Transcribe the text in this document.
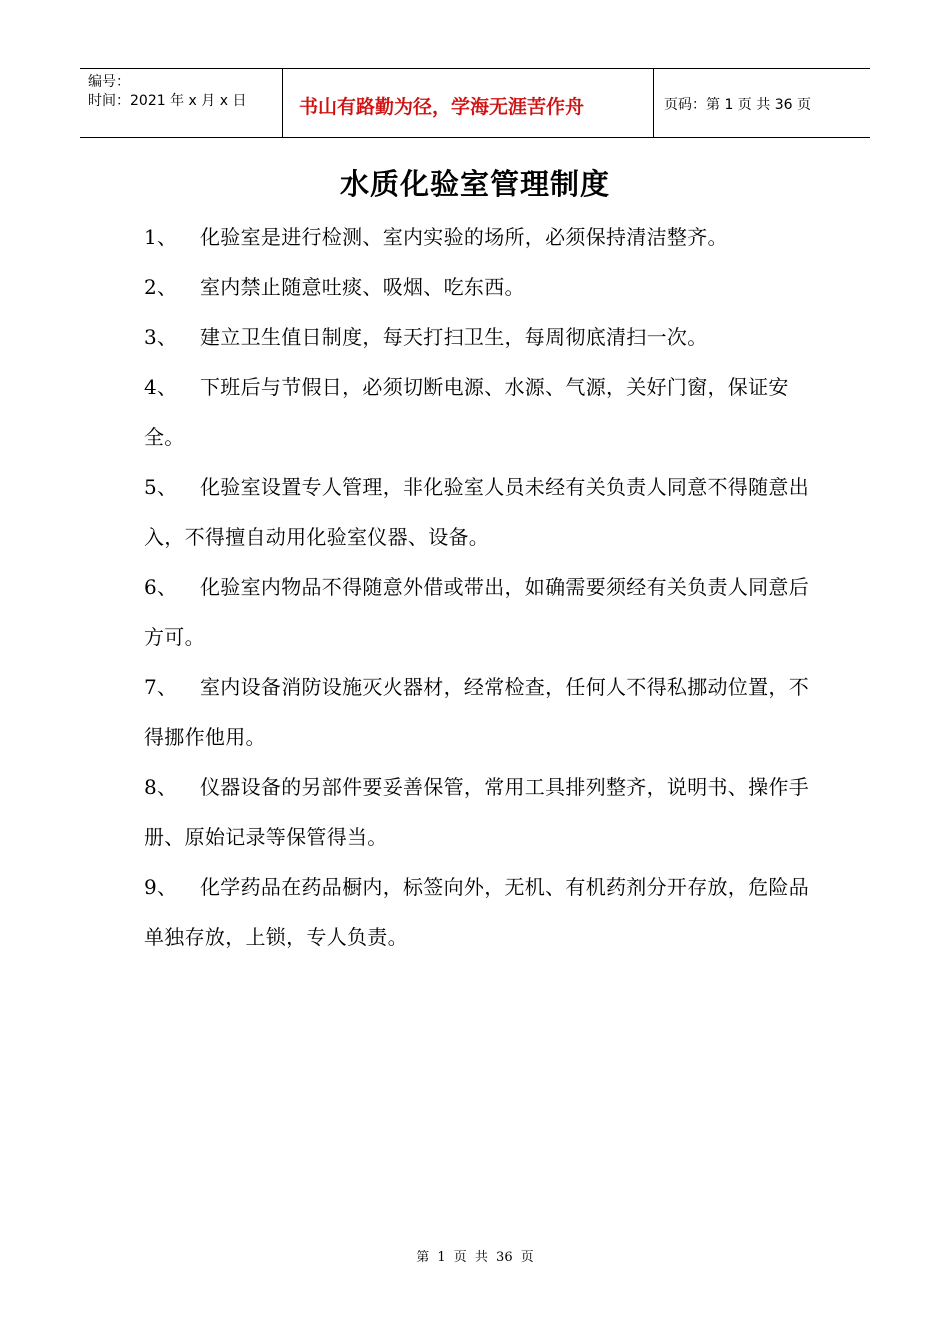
编号：
时间：2021 年 x 月 x 日	书山有路勤为径，学海无涯苦作舟	页码：第 1 页 共 36 页
水质化验室管理制度
1、 化验室是进行检测、室内实验的场所，必须保持清洁整齐。
2、 室内禁止随意吐痰、吸烟、吃东西。
3、 建立卫生值日制度，每天打扫卫生，每周彻底清扫一次。
4、 下班后与节假日，必须切断电源、水源、气源，关好门窗，保证安全。
5、 化验室设置专人管理，非化验室人员未经有关负责人同意不得随意出入，不得擅自动用化验室仪器、设备。
6、 化验室内物品不得随意外借或带出，如确需要须经有关负责人同意后方可。
7、 室内设备消防设施灭火器材，经常检查，任何人不得私挪动位置，不得挪作他用。
8、 仪器设备的另部件要妥善保管，常用工具排列整齐，说明书、操作手册、原始记录等保管得当。
9、 化学药品在药品橱内，标签向外，无机、有机药剂分开存放，危险品单独存放，上锁，专人负责。
第 1 页 共 36 页
